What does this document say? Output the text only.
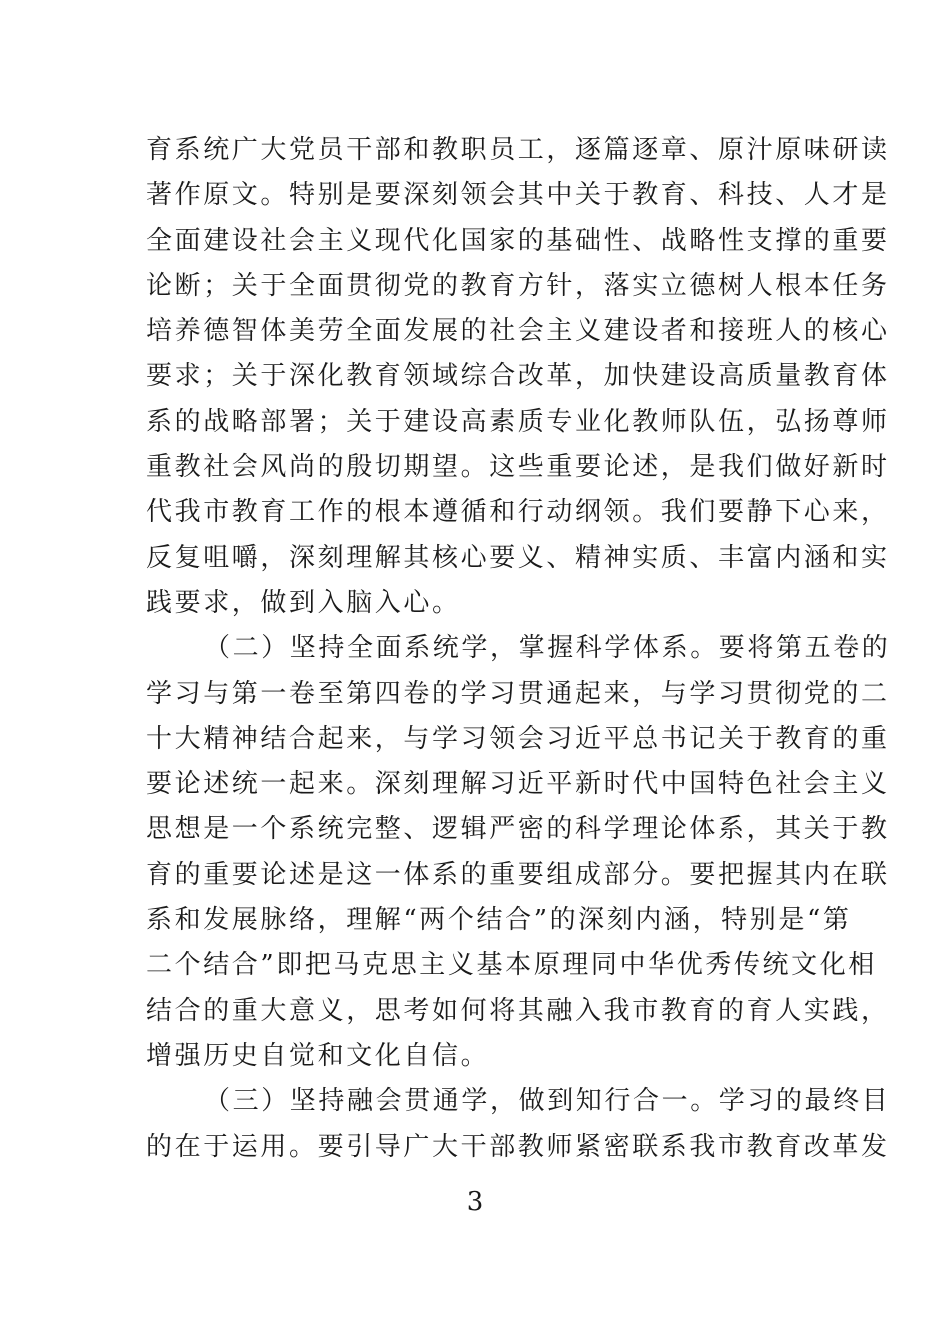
育系统广大党员干部和教职员工，逐篇逐章、原汁原味研读
著作原文。特别是要深刻领会其中关于教育、科技、人才是
全面建设社会主义现代化国家的基础性、战略性支撑的重要
论断；关于全面贯彻党的教育方针，落实立德树人根本任务
培养德智体美劳全面发展的社会主义建设者和接班人的核心
要求；关于深化教育领域综合改革，加快建设高质量教育体
系的战略部署；关于建设高素质专业化教师队伍，弘扬尊师
重教社会风尚的殷切期望。这些重要论述，是我们做好新时
代我市教育工作的根本遵循和行动纲领。我们要静下心来，
反复咀嚼，深刻理解其核心要义、精神实质、丰富内涵和实
践要求，做到入脑入心。
（二）坚持全面系统学，掌握科学体系。要将第五卷的
学习与第一卷至第四卷的学习贯通起来，与学习贯彻党的二
十大精神结合起来，与学习领会习近平总书记关于教育的重
要论述统一起来。深刻理解习近平新时代中国特色社会主义
思想是一个系统完整、逻辑严密的科学理论体系，其关于教
育的重要论述是这一体系的重要组成部分。要把握其内在联
系和发展脉络，理解“两个结合”的深刻内涵，特别是“第
二个结合”即把马克思主义基本原理同中华优秀传统文化相
结合的重大意义，思考如何将其融入我市教育的育人实践，
增强历史自觉和文化自信。
（三）坚持融会贯通学，做到知行合一。学习的最终目
的在于运用。要引导广大干部教师紧密联系我市教育改革发
3
